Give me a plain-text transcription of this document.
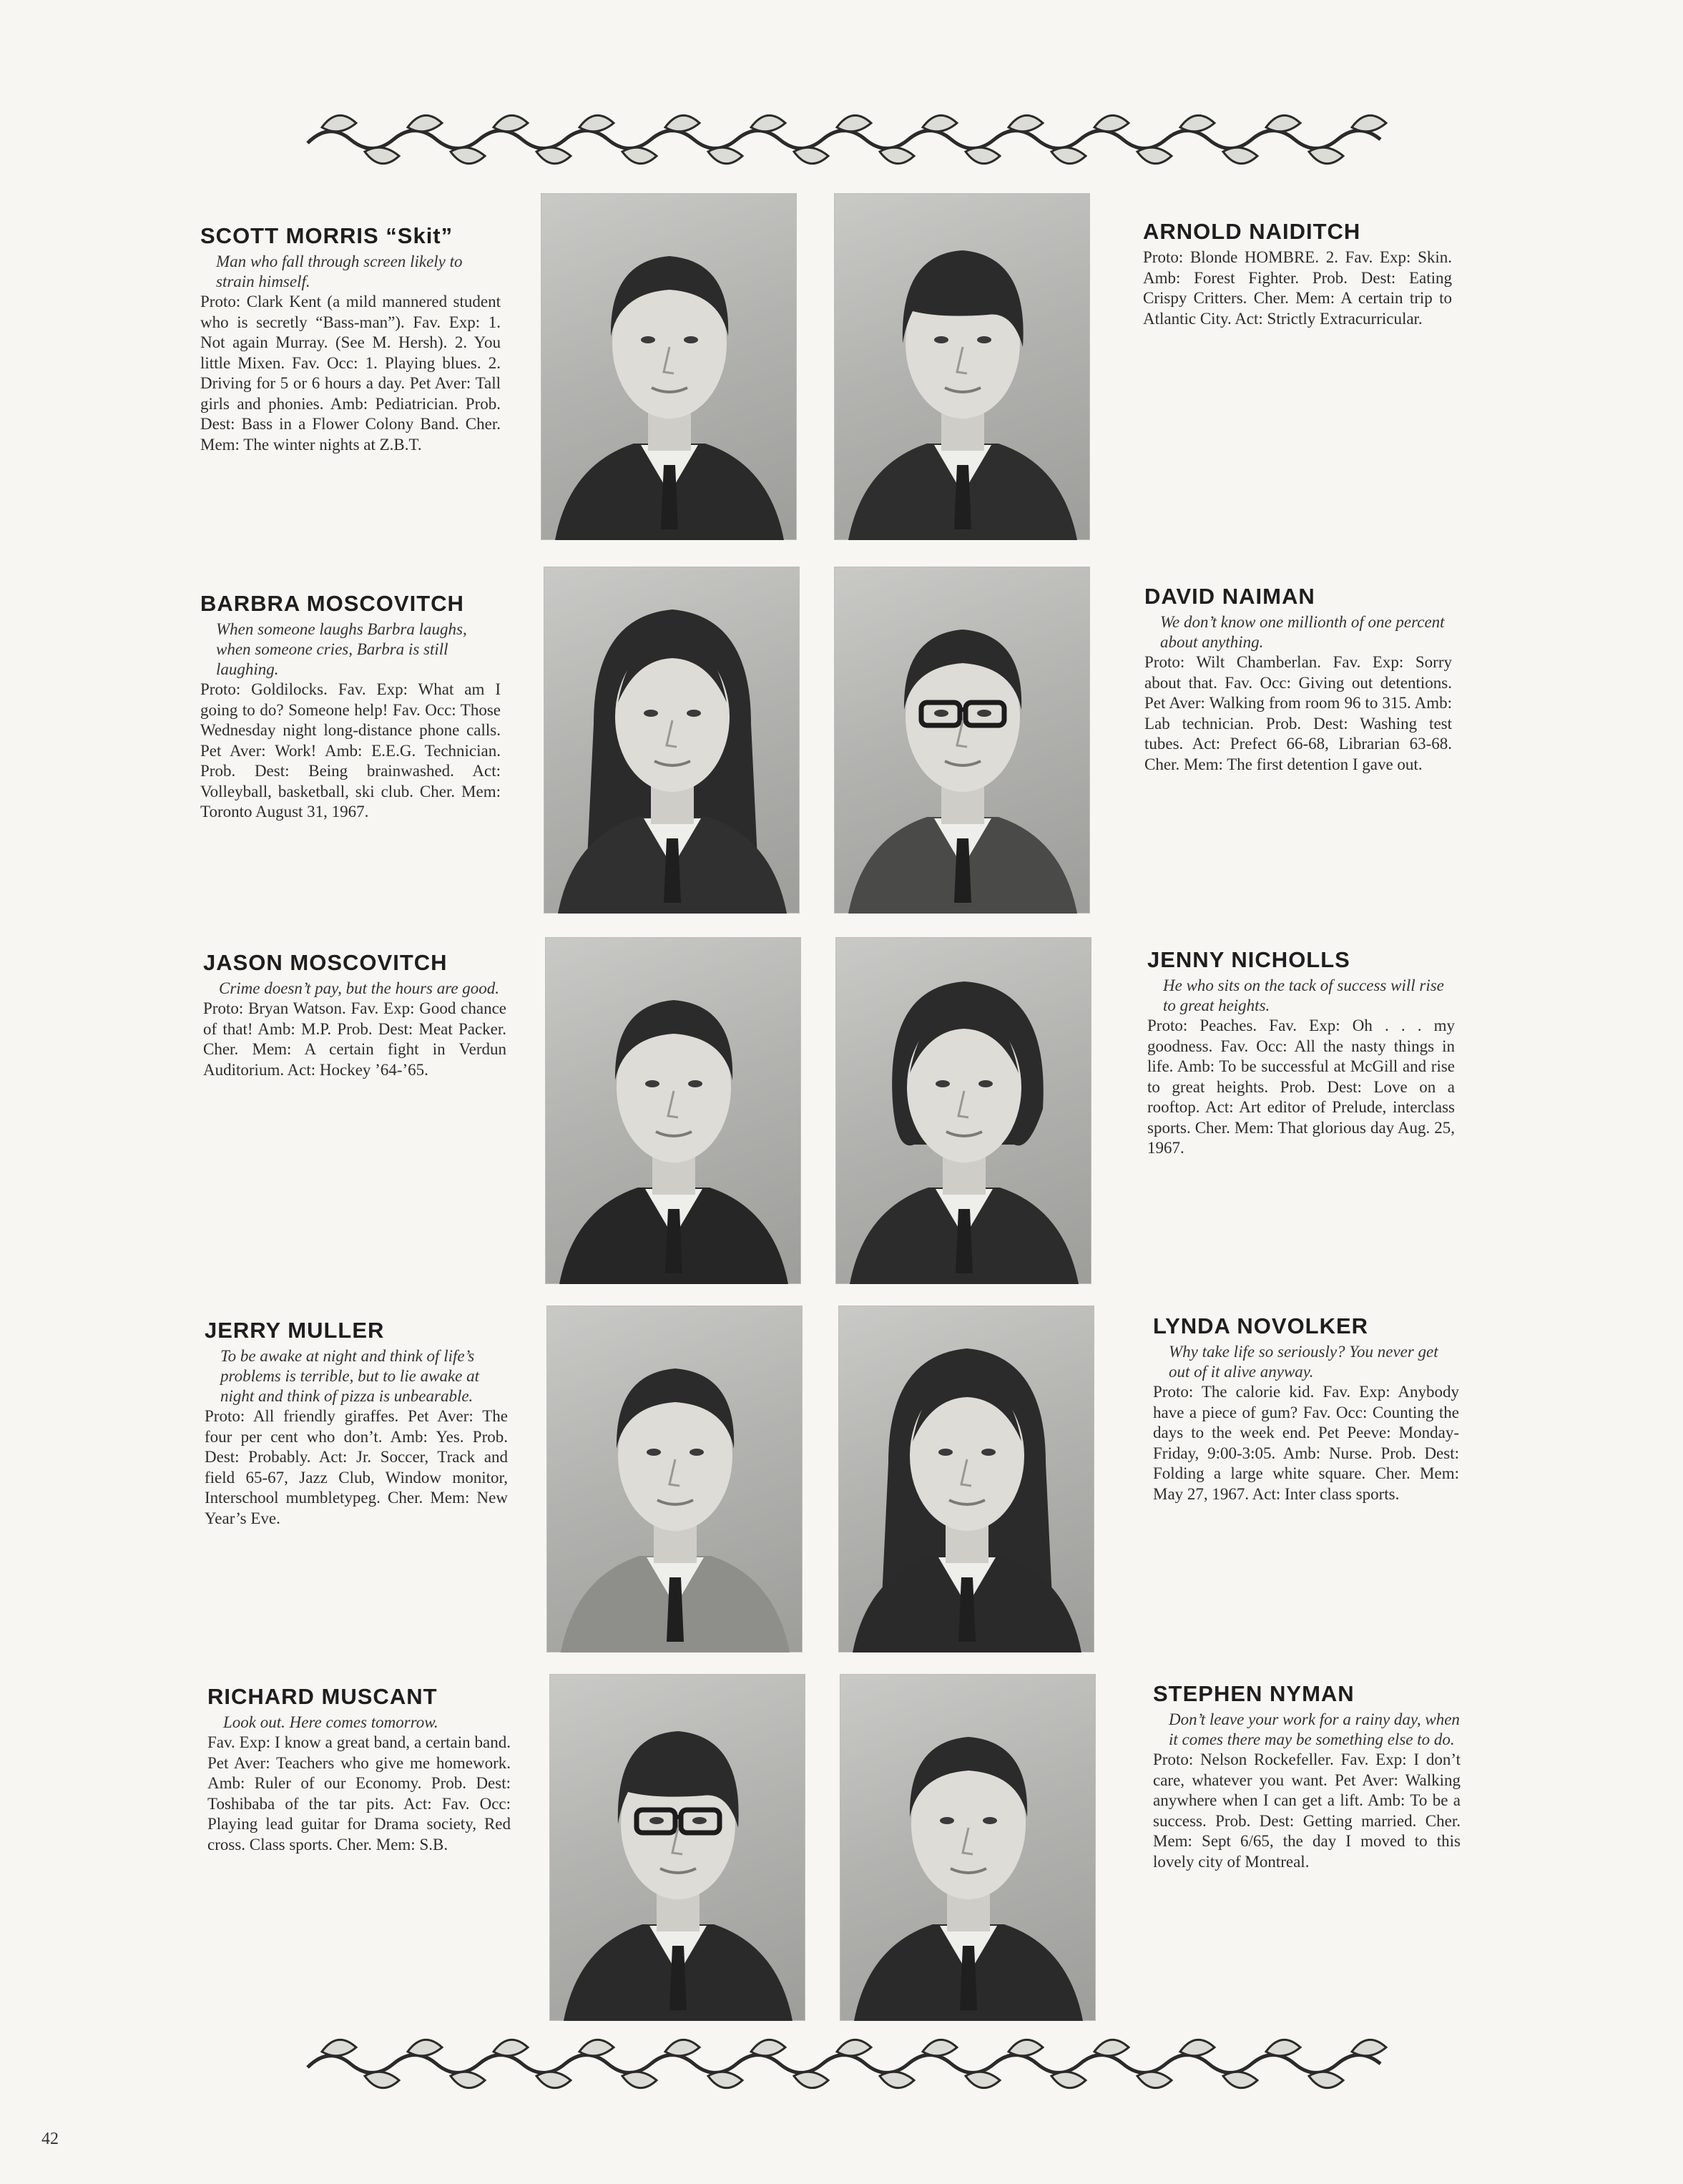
SCOTT MORRIS “Skit”
Man who fall through screen likely to strain himself.
Proto: Clark Kent (a mild mannered student who is secretly “Bass-man”). Fav. Exp: 1. Not again Murray. (See M. Hersh). 2. You little Mixen. Fav. Occ: 1. Playing blues. 2. Driving for 5 or 6 hours a day. Pet Aver: Tall girls and phonies. Amb: Pediatrician. Prob. Dest: Bass in a Flower Colony Band. Cher. Mem: The winter nights at Z.B.T.
ARNOLD NAIDITCH
Proto: Blonde HOMBRE. 2. Fav. Exp: Skin. Amb: Forest Fighter. Prob. Dest: Eating Crispy Critters. Cher. Mem: A certain trip to Atlantic City. Act: Strictly Extracurricular.
BARBRA MOSCOVITCH
When someone laughs Barbra laughs, when someone cries, Barbra is still laughing.
Proto: Goldilocks. Fav. Exp: What am I going to do? Someone help! Fav. Occ: Those Wednesday night long-distance phone calls. Pet Aver: Work! Amb: E.E.G. Technician. Prob. Dest: Being brainwashed. Act: Volleyball, basketball, ski club. Cher. Mem: Toronto August 31, 1967.
DAVID NAIMAN
We don’t know one millionth of one percent about anything.
Proto: Wilt Chamberlan. Fav. Exp: Sorry about that. Fav. Occ: Giving out detentions. Pet Aver: Walking from room 96 to 315. Amb: Lab technician. Prob. Dest: Washing test tubes. Act: Prefect 66-68, Librarian 63-68. Cher. Mem: The first detention I gave out.
JASON MOSCOVITCH
Crime doesn’t pay, but the hours are good.
Proto: Bryan Watson. Fav. Exp: Good chance of that! Amb: M.P. Prob. Dest: Meat Packer. Cher. Mem: A certain fight in Verdun Auditorium. Act: Hockey ’64-’65.
JENNY NICHOLLS
He who sits on the tack of success will rise to great heights.
Proto: Peaches. Fav. Exp: Oh . . . my goodness. Fav. Occ: All the nasty things in life. Amb: To be successful at McGill and rise to great heights. Prob. Dest: Love on a rooftop. Act: Art editor of Prelude, interclass sports. Cher. Mem: That glorious day Aug. 25, 1967.
JERRY MULLER
To be awake at night and think of life’s problems is terrible, but to lie awake at night and think of pizza is unbearable.
Proto: All friendly giraffes. Pet Aver: The four per cent who don’t. Amb: Yes. Prob. Dest: Probably. Act: Jr. Soccer, Track and field 65-67, Jazz Club, Window monitor, Interschool mumbletypeg. Cher. Mem: New Year’s Eve.
LYNDA NOVOLKER
Why take life so seriously? You never get out of it alive anyway.
Proto: The calorie kid. Fav. Exp: Anybody have a piece of gum? Fav. Occ: Counting the days to the week end. Pet Peeve: Monday-Friday, 9:00-3:05. Amb: Nurse. Prob. Dest: Folding a large white square. Cher. Mem: May 27, 1967. Act: Inter class sports.
RICHARD MUSCANT
Look out. Here comes tomorrow.
Fav. Exp: I know a great band, a certain band. Pet Aver: Teachers who give me homework. Amb: Ruler of our Economy. Prob. Dest: Toshibaba of the tar pits. Act: Fav. Occ: Playing lead guitar for Drama society, Red cross. Class sports. Cher. Mem: S.B.
STEPHEN NYMAN
Don’t leave your work for a rainy day, when it comes there may be something else to do.
Proto: Nelson Rockefeller. Fav. Exp: I don’t care, whatever you want. Pet Aver: Walking anywhere when I can get a lift. Amb: To be a success. Prob. Dest: Getting married. Cher. Mem: Sept 6/65, the day I moved to this lovely city of Montreal.
42
